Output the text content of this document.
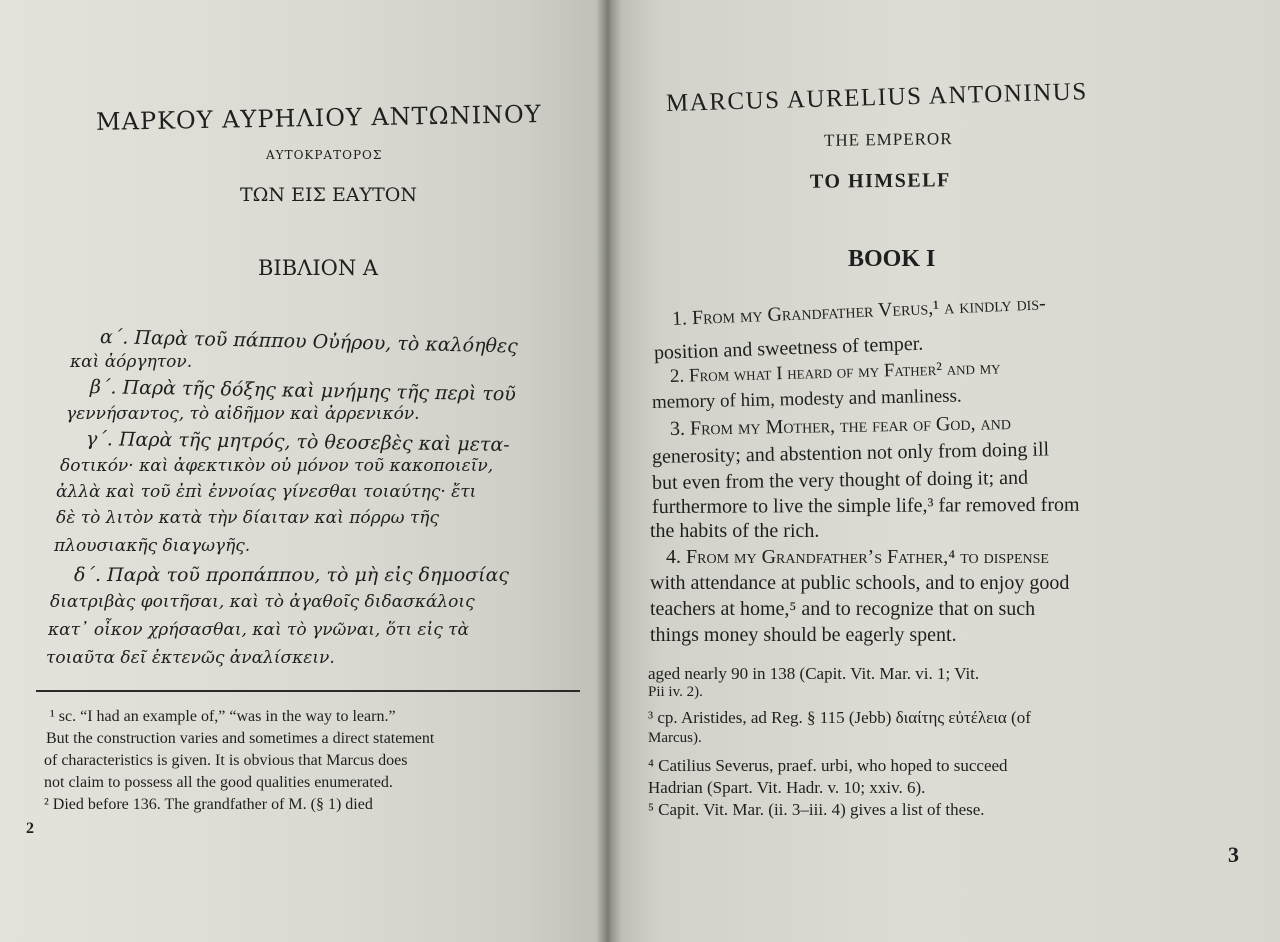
ΜΑΡΚΟΥ ΑΥΡΗΛΙΟΥ ΑΝΤΩΝΙΝΟΥ
ΑΥΤΟΚΡΑΤΟΡΟΣ
ΤΩΝ ΕΙΣ ΕΑΥΤΟΝ
ΒΙΒΛΙΟΝ Α
α΄. Παρὰ τοῦ πάππου Οὐήρου, τὸ καλόηθες
καὶ ἀόργητον.
β΄. Παρὰ τῆς δόξης καὶ μνήμης τῆς περὶ τοῦ
γεννήσαντος, τὸ αἰδῆμον καὶ ἀρρενικόν.
γ΄. Παρὰ τῆς μητρός, τὸ θεοσεβὲς καὶ μετα-
δοτικόν· καὶ ἀφεκτικὸν οὐ μόνον τοῦ κακοποιεῖν,
ἀλλὰ καὶ τοῦ ἐπὶ ἐννοίας γίνεσθαι τοιαύτης· ἔτι
δὲ τὸ λιτὸν κατὰ τὴν δίαιταν καὶ πόρρω τῆς
πλουσιακῆς διαγωγῆς.
δ΄. Παρὰ τοῦ προπάππου, τὸ μὴ εἰς δημοσίας
διατριβὰς φοιτῆσαι, καὶ τὸ ἀγαθοῖς διδασκάλοις
κατ᾽ οἶκον χρήσασθαι, καὶ τὸ γνῶναι, ὅτι εἰς τὰ
τοιαῦτα δεῖ ἐκτενῶς ἀναλίσκειν.
¹ sc. “I had an example of,” “was in the way to learn.”
But the construction varies and sometimes a direct statement
of characteristics is given. It is obvious that Marcus does
not claim to possess all the good qualities enumerated.
² Died before 136. The grandfather of M. (§ 1) died
2
MARCUS AURELIUS ANTONINUS
THE EMPEROR
TO HIMSELF
BOOK I
1. From my Grandfather Verus,¹ a kindly dis-
position and sweetness of temper.
2. From what I heard of my Father² and my
memory of him, modesty and manliness.
3. From my Mother, the fear of God, and
generosity; and abstention not only from doing ill
but even from the very thought of doing it; and
furthermore to live the simple life,³ far removed from
the habits of the rich.
4. From my Grandfather’s Father,⁴ to dispense
with attendance at public schools, and to enjoy good
teachers at home,⁵ and to recognize that on such
things money should be eagerly spent.
aged nearly 90 in 138 (Capit. Vit. Mar. vi. 1; Vit.
Pii iv. 2).
³ cp. Aristides, ad Reg. § 115 (Jebb) διαίτης εὐτέλεια (of
Marcus).
⁴ Catilius Severus, praef. urbi, who hoped to succeed
Hadrian (Spart. Vit. Hadr. v. 10; xxiv. 6).
⁵ Capit. Vit. Mar. (ii. 3–iii. 4) gives a list of these.
3
